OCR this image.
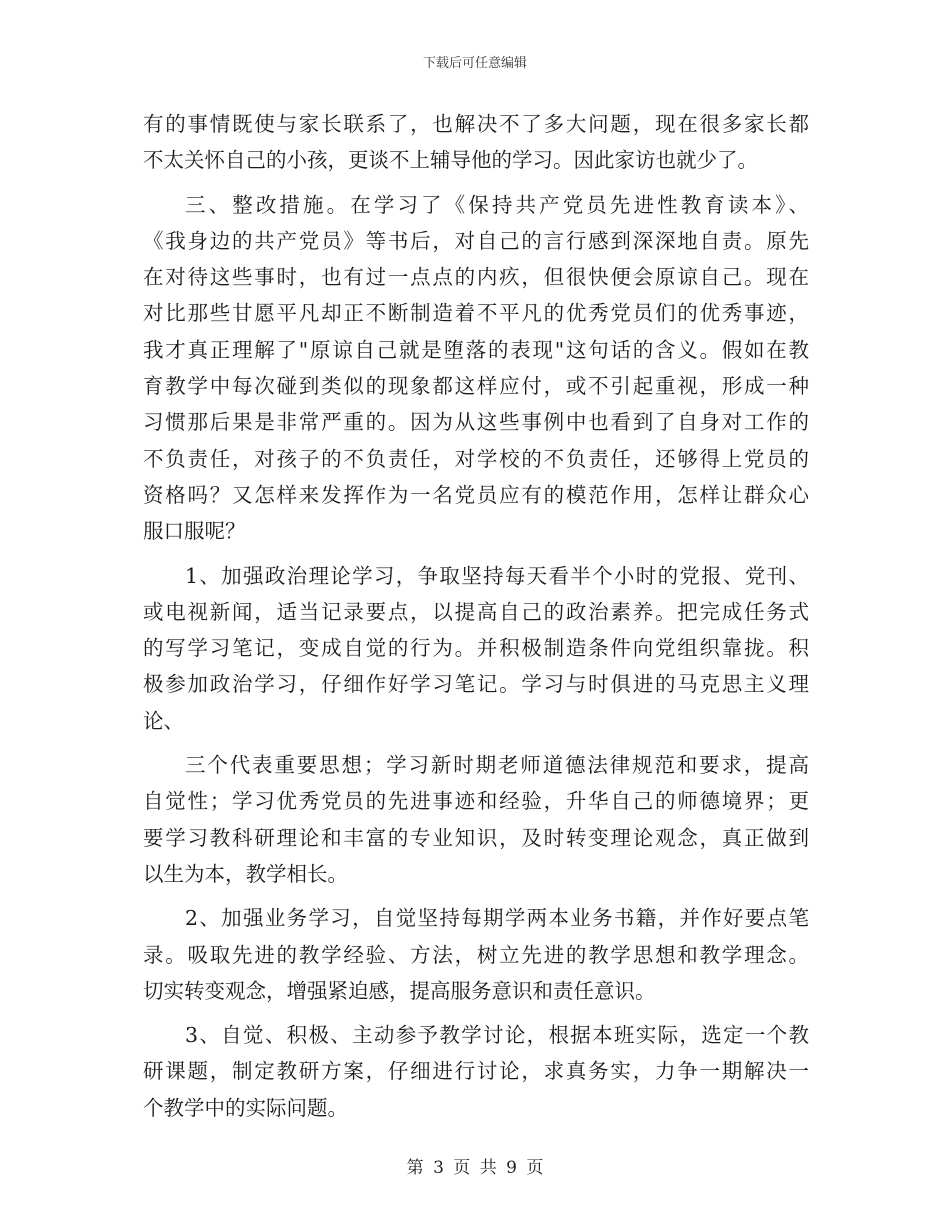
下载后可任意编辑
有的事情既使与家长联系了，也解决不了多大问题，现在很多家长都
不太关怀自己的小孩，更谈不上辅导他的学习。因此家访也就少了。
三、整改措施。在学习了《保持共产党员先进性教育读本》、
《我身边的共产党员》等书后，对自己的言行感到深深地自责。原先
在对待这些事时，也有过一点点的内疚，但很快便会原谅自己。现在
对比那些甘愿平凡却正不断制造着不平凡的优秀党员们的优秀事迹，
我才真正理解了"原谅自己就是堕落的表现"这句话的含义。假如在教
育教学中每次碰到类似的现象都这样应付，或不引起重视，形成一种
习惯那后果是非常严重的。因为从这些事例中也看到了自身对工作的
不负责任，对孩子的不负责任，对学校的不负责任，还够得上党员的
资格吗？又怎样来发挥作为一名党员应有的模范作用，怎样让群众心
服口服呢？
1、加强政治理论学习，争取坚持每天看半个小时的党报、党刊、
或电视新闻，适当记录要点，以提高自己的政治素养。把完成任务式
的写学习笔记，变成自觉的行为。并积极制造条件向党组织靠拢。积
极参加政治学习，仔细作好学习笔记。学习与时俱进的马克思主义理
论、
三个代表重要思想；学习新时期老师道德法律规范和要求，提高
自觉性；学习优秀党员的先进事迹和经验，升华自己的师德境界；更
要学习教科研理论和丰富的专业知识，及时转变理论观念，真正做到
以生为本，教学相长。
2、加强业务学习，自觉坚持每期学两本业务书籍，并作好要点笔
录。吸取先进的教学经验、方法，树立先进的教学思想和教学理念。
切实转变观念，增强紧迫感，提高服务意识和责任意识。
3、自觉、积极、主动参予教学讨论，根据本班实际，选定一个教
研课题，制定教研方案，仔细进行讨论，求真务实，力争一期解决一
个教学中的实际问题。
第 3 页 共 9 页
